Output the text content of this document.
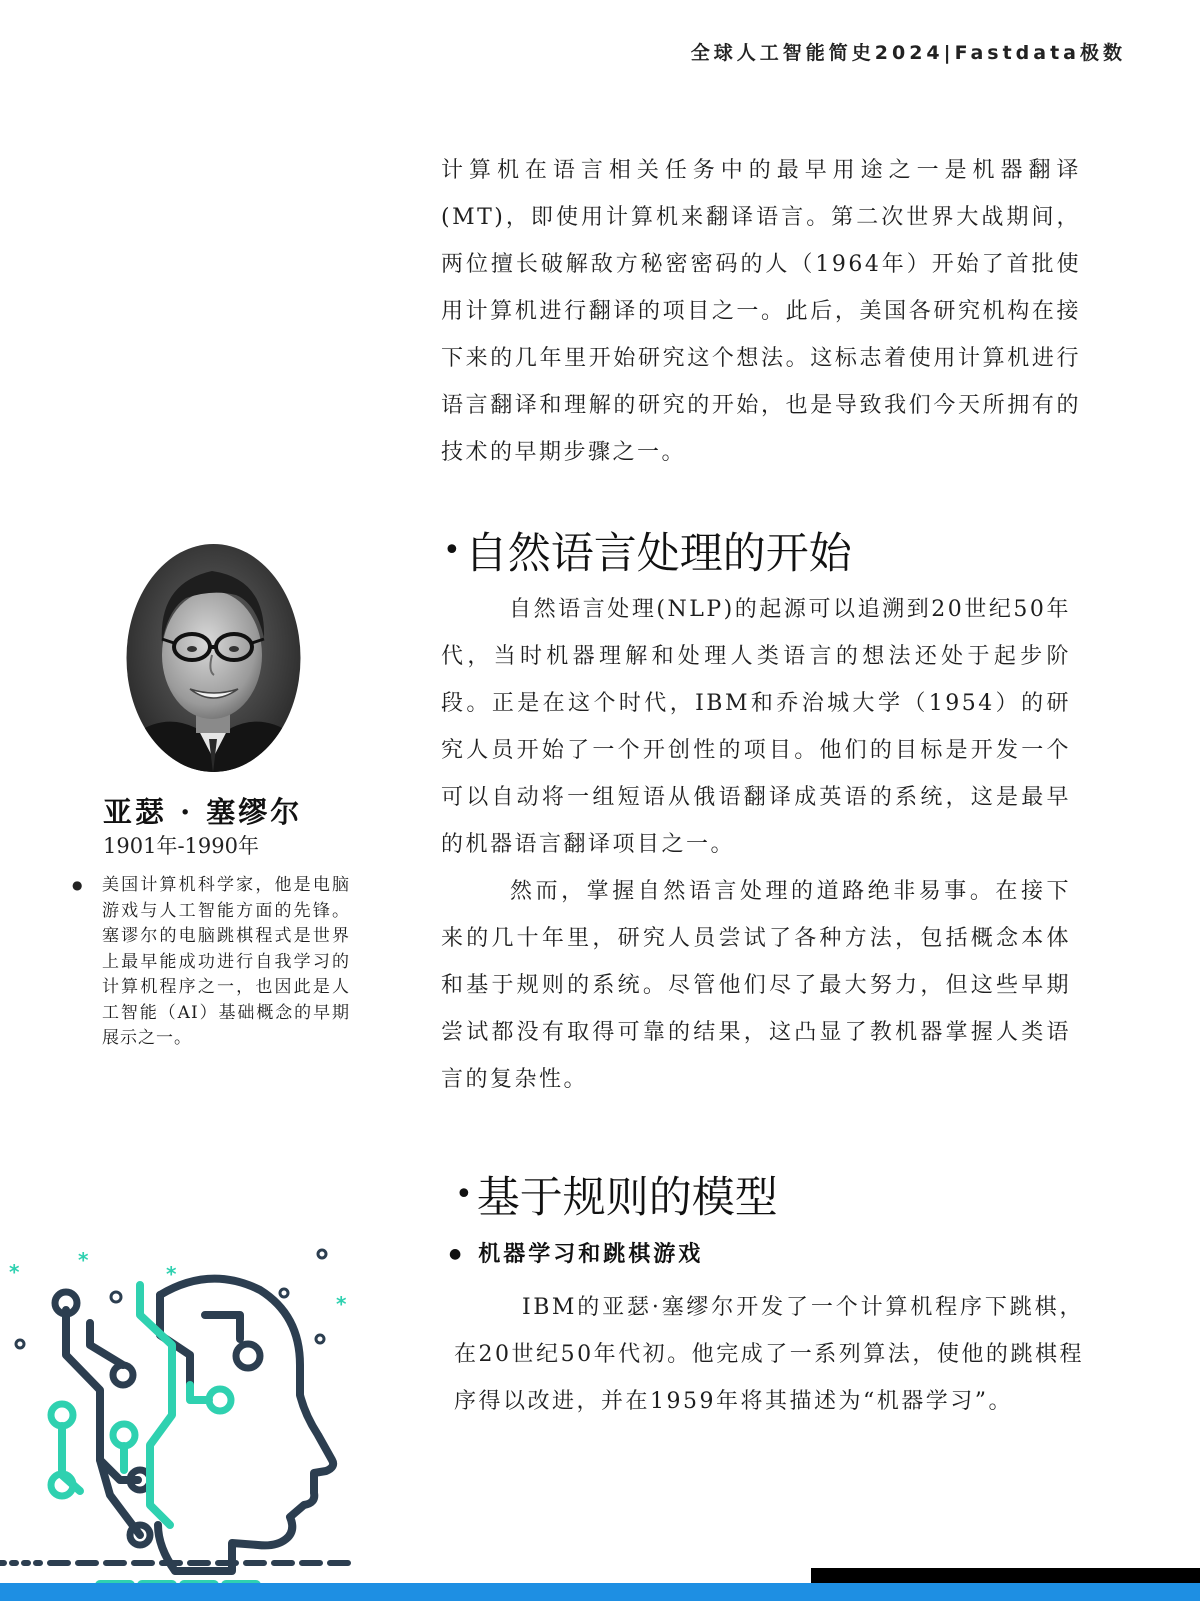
全球人工智能简史2024|Fastdata极数

计算机在语言相关任务中的最早用途之一是机器翻译(MT)，即使用计算机来翻译语言。第二次世界大战期间，两位擅长破解敌方秘密密码的人（1964年）开始了首批使用计算机进行翻译的项目之一。此后，美国各研究机构在接下来的几年里开始研究这个想法。这标志着使用计算机进行语言翻译和理解的研究的开始，也是导致我们今天所拥有的技术的早期步骤之一。

•自然语言处理的开始

自然语言处理(NLP)的起源可以追溯到20世纪50年代，当时机器理解和处理人类语言的想法还处于起步阶段。正是在这个时代，IBM和乔治城大学（1954）的研究人员开始了一个开创性的项目。他们的目标是开发一个可以自动将一组短语从俄语翻译成英语的系统，这是最早的机器语言翻译项目之一。

然而，掌握自然语言处理的道路绝非易事。在接下来的几十年里，研究人员尝试了各种方法，包括概念本体和基于规则的系统。尽管他们尽了最大努力，但这些早期尝试都没有取得可靠的结果，这凸显了教机器掌握人类语言的复杂性。

•基于规则的模型
● 机器学习和跳棋游戏

IBM的亚瑟·塞缪尔开发了一个计算机程序下跳棋，在20世纪50年代初。他完成了一系列算法，使他的跳棋程序得以改进，并在1959年将其描述为“机器学习”。

亚瑟 · 塞缪尔
1901年-1990年
● 美国计算机科学家，他是电脑游戏与人工智能方面的先锋。塞谬尔的电脑跳棋程式是世界上最早能成功进行自我学习的计算机程序之一，也因此是人工智能（AI）基础概念的早期展示之一。

*	*
*
*
